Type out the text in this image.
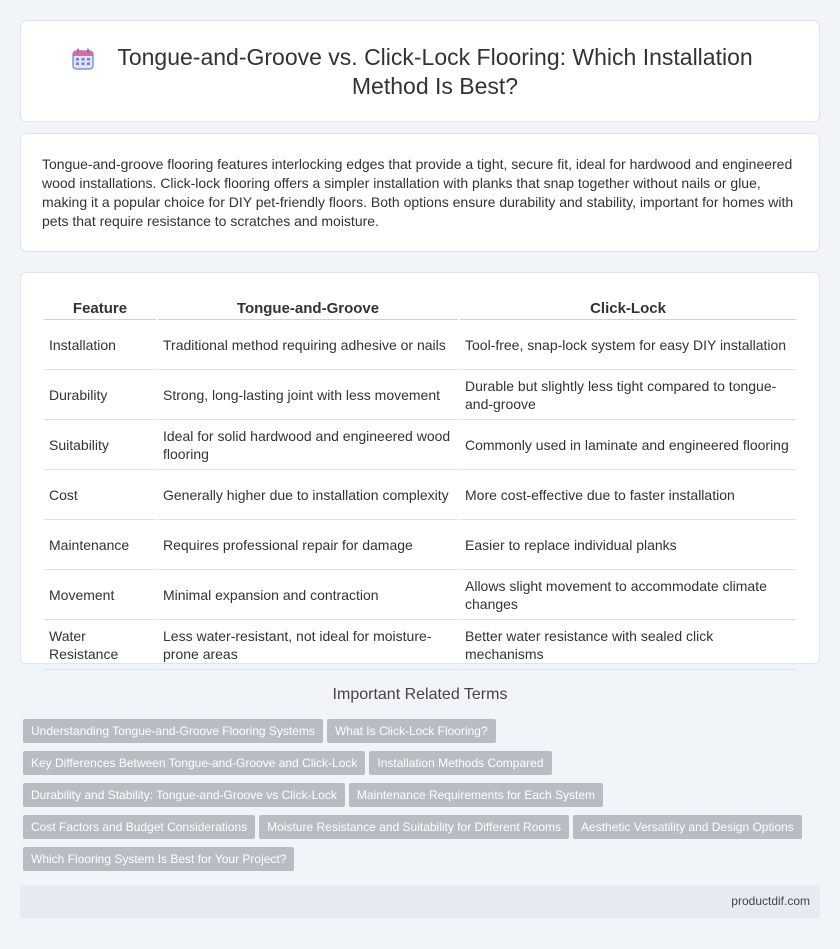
Tongue-and-Groove vs. Click-Lock Flooring: Which Installation Method Is Best?

Tongue-and-groove flooring features interlocking edges that provide a tight, secure fit, ideal for hardwood and engineered wood installations. Click-lock flooring offers a simpler installation with planks that snap together without nails or glue, making it a popular choice for DIY pet-friendly floors. Both options ensure durability and stability, important for homes with pets that require resistance to scratches and moisture.

Feature	Tongue-and-Groove	Click-Lock
Installation	Traditional method requiring adhesive or nails	Tool-free, snap-lock system for easy DIY installation
Durability	Strong, long-lasting joint with less movement	Durable but slightly less tight compared to tongue-and-groove
Suitability	Ideal for solid hardwood and engineered wood flooring	Commonly used in laminate and engineered flooring
Cost	Generally higher due to installation complexity	More cost-effective due to faster installation
Maintenance	Requires professional repair for damage	Easier to replace individual planks
Movement	Minimal expansion and contraction	Allows slight movement to accommodate climate changes
Water Resistance	Less water-resistant, not ideal for moisture-prone areas	Better water resistance with sealed click mechanisms
Important Related Terms
Understanding Tongue-and-Groove Flooring Systems What Is Click-Lock Flooring?
Key Differences Between Tongue-and-Groove and Click-Lock Installation Methods Compared
Durability and Stability: Tongue-and-Groove vs Click-Lock Maintenance Requirements for Each System
Cost Factors and Budget Considerations Moisture Resistance and Suitability for Different Rooms Aesthetic Versatility and Design Options
Which Flooring System Is Best for Your Project?
productdif.com
